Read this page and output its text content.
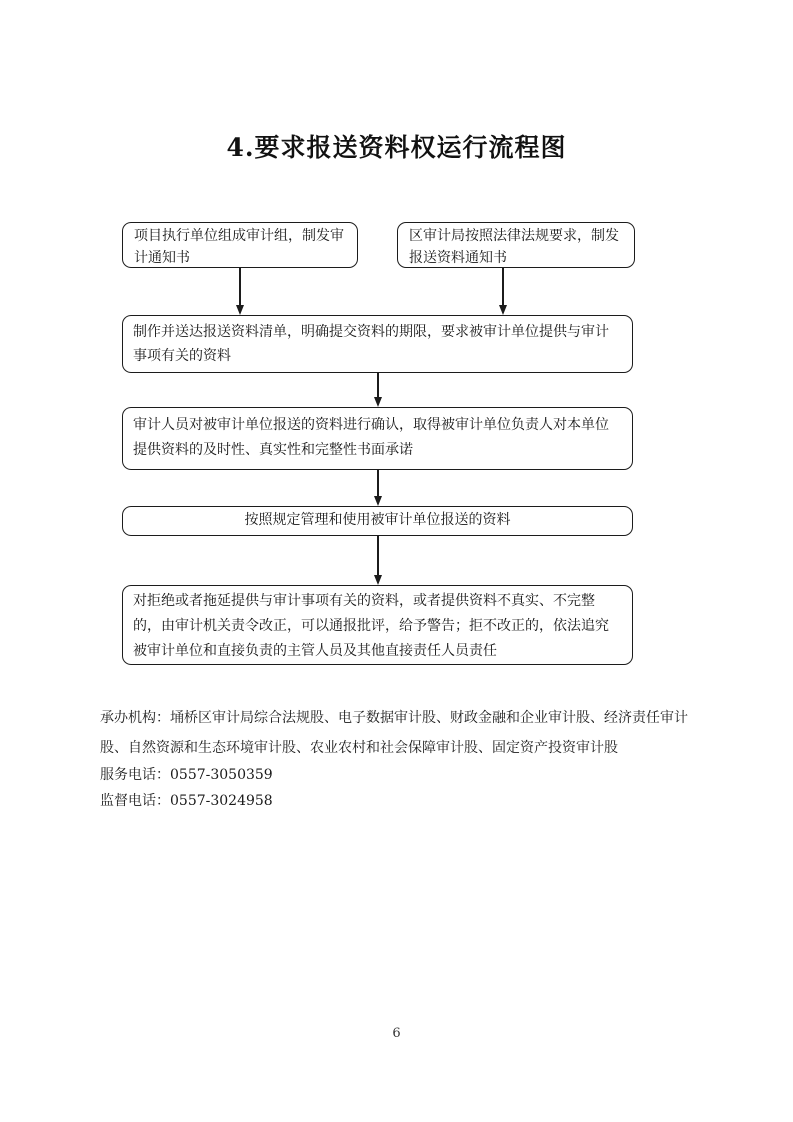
4.要求报送资料权运行流程图
项目执行单位组成审计组，制发审计通知书
区审计局按照法律法规要求，制发报送资料通知书
制作并送达报送资料清单，明确提交资料的期限，要求被审计单位提供与审计事项有关的资料
审计人员对被审计单位报送的资料进行确认，取得被审计单位负责人对本单位提供资料的及时性、真实性和完整性书面承诺
按照规定管理和使用被审计单位报送的资料
对拒绝或者拖延提供与审计事项有关的资料，或者提供资料不真实、不完整的，由审计机关责令改正，可以通报批评，给予警告；拒不改正的，依法追究被审计单位和直接负责的主管人员及其他直接责任人员责任

承办机构：埇桥区审计局综合法规股、电子数据审计股、财政金融和企业审计股、经济责任审计股、自然资源和生态环境审计股、农业农村和社会保障审计股、固定资产投资审计股

服务电话：0557-3050359

监督电话：0557-3024958

6
